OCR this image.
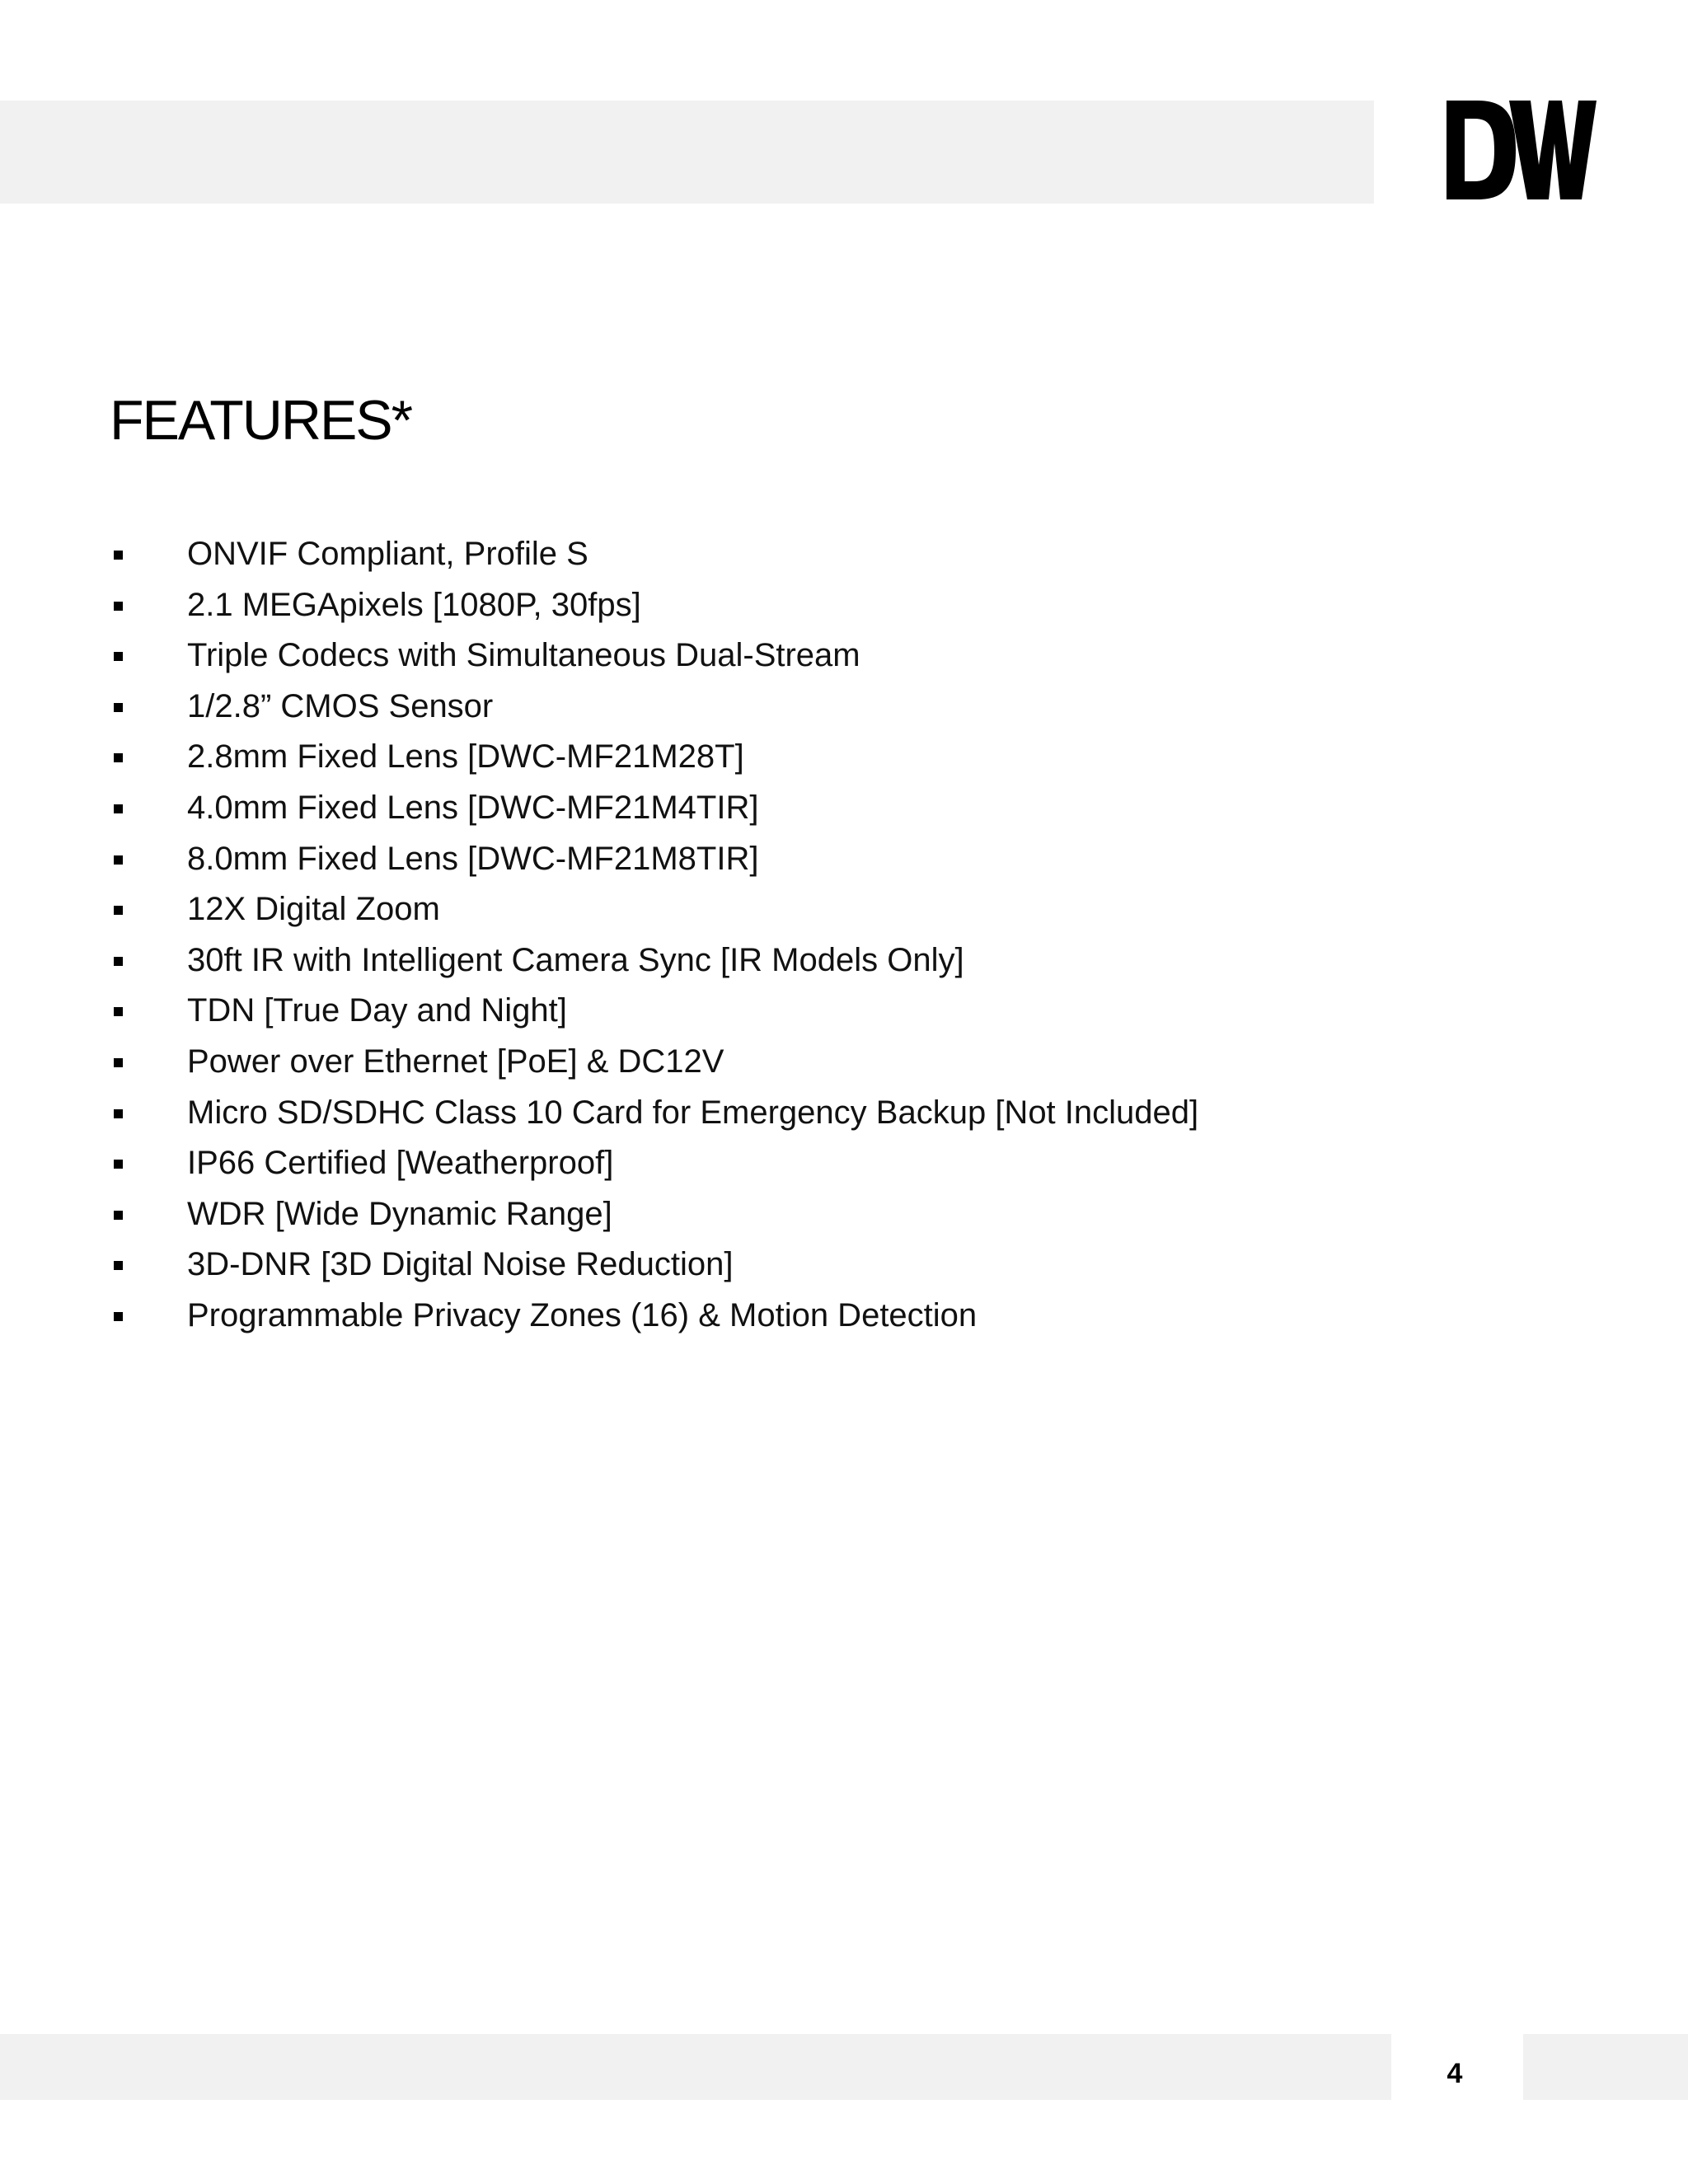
FEATURES*
ONVIF Compliant, Profile S
2.1 MEGApixels [1080P, 30fps]
Triple Codecs with Simultaneous Dual-Stream
1/2.8” CMOS Sensor
2.8mm Fixed Lens [DWC-MF21M28T]
4.0mm Fixed Lens [DWC-MF21M4TIR]
8.0mm Fixed Lens [DWC-MF21M8TIR]
12X Digital Zoom
30ft IR with Intelligent Camera Sync [IR Models Only]
TDN [True Day and Night]
Power over Ethernet [PoE] & DC12V
Micro SD/SDHC Class 10 Card for Emergency Backup [Not Included]
IP66 Certified [Weatherproof]
WDR [Wide Dynamic Range]
3D-DNR [3D Digital Noise Reduction]
Programmable Privacy Zones (16) & Motion Detection
4
